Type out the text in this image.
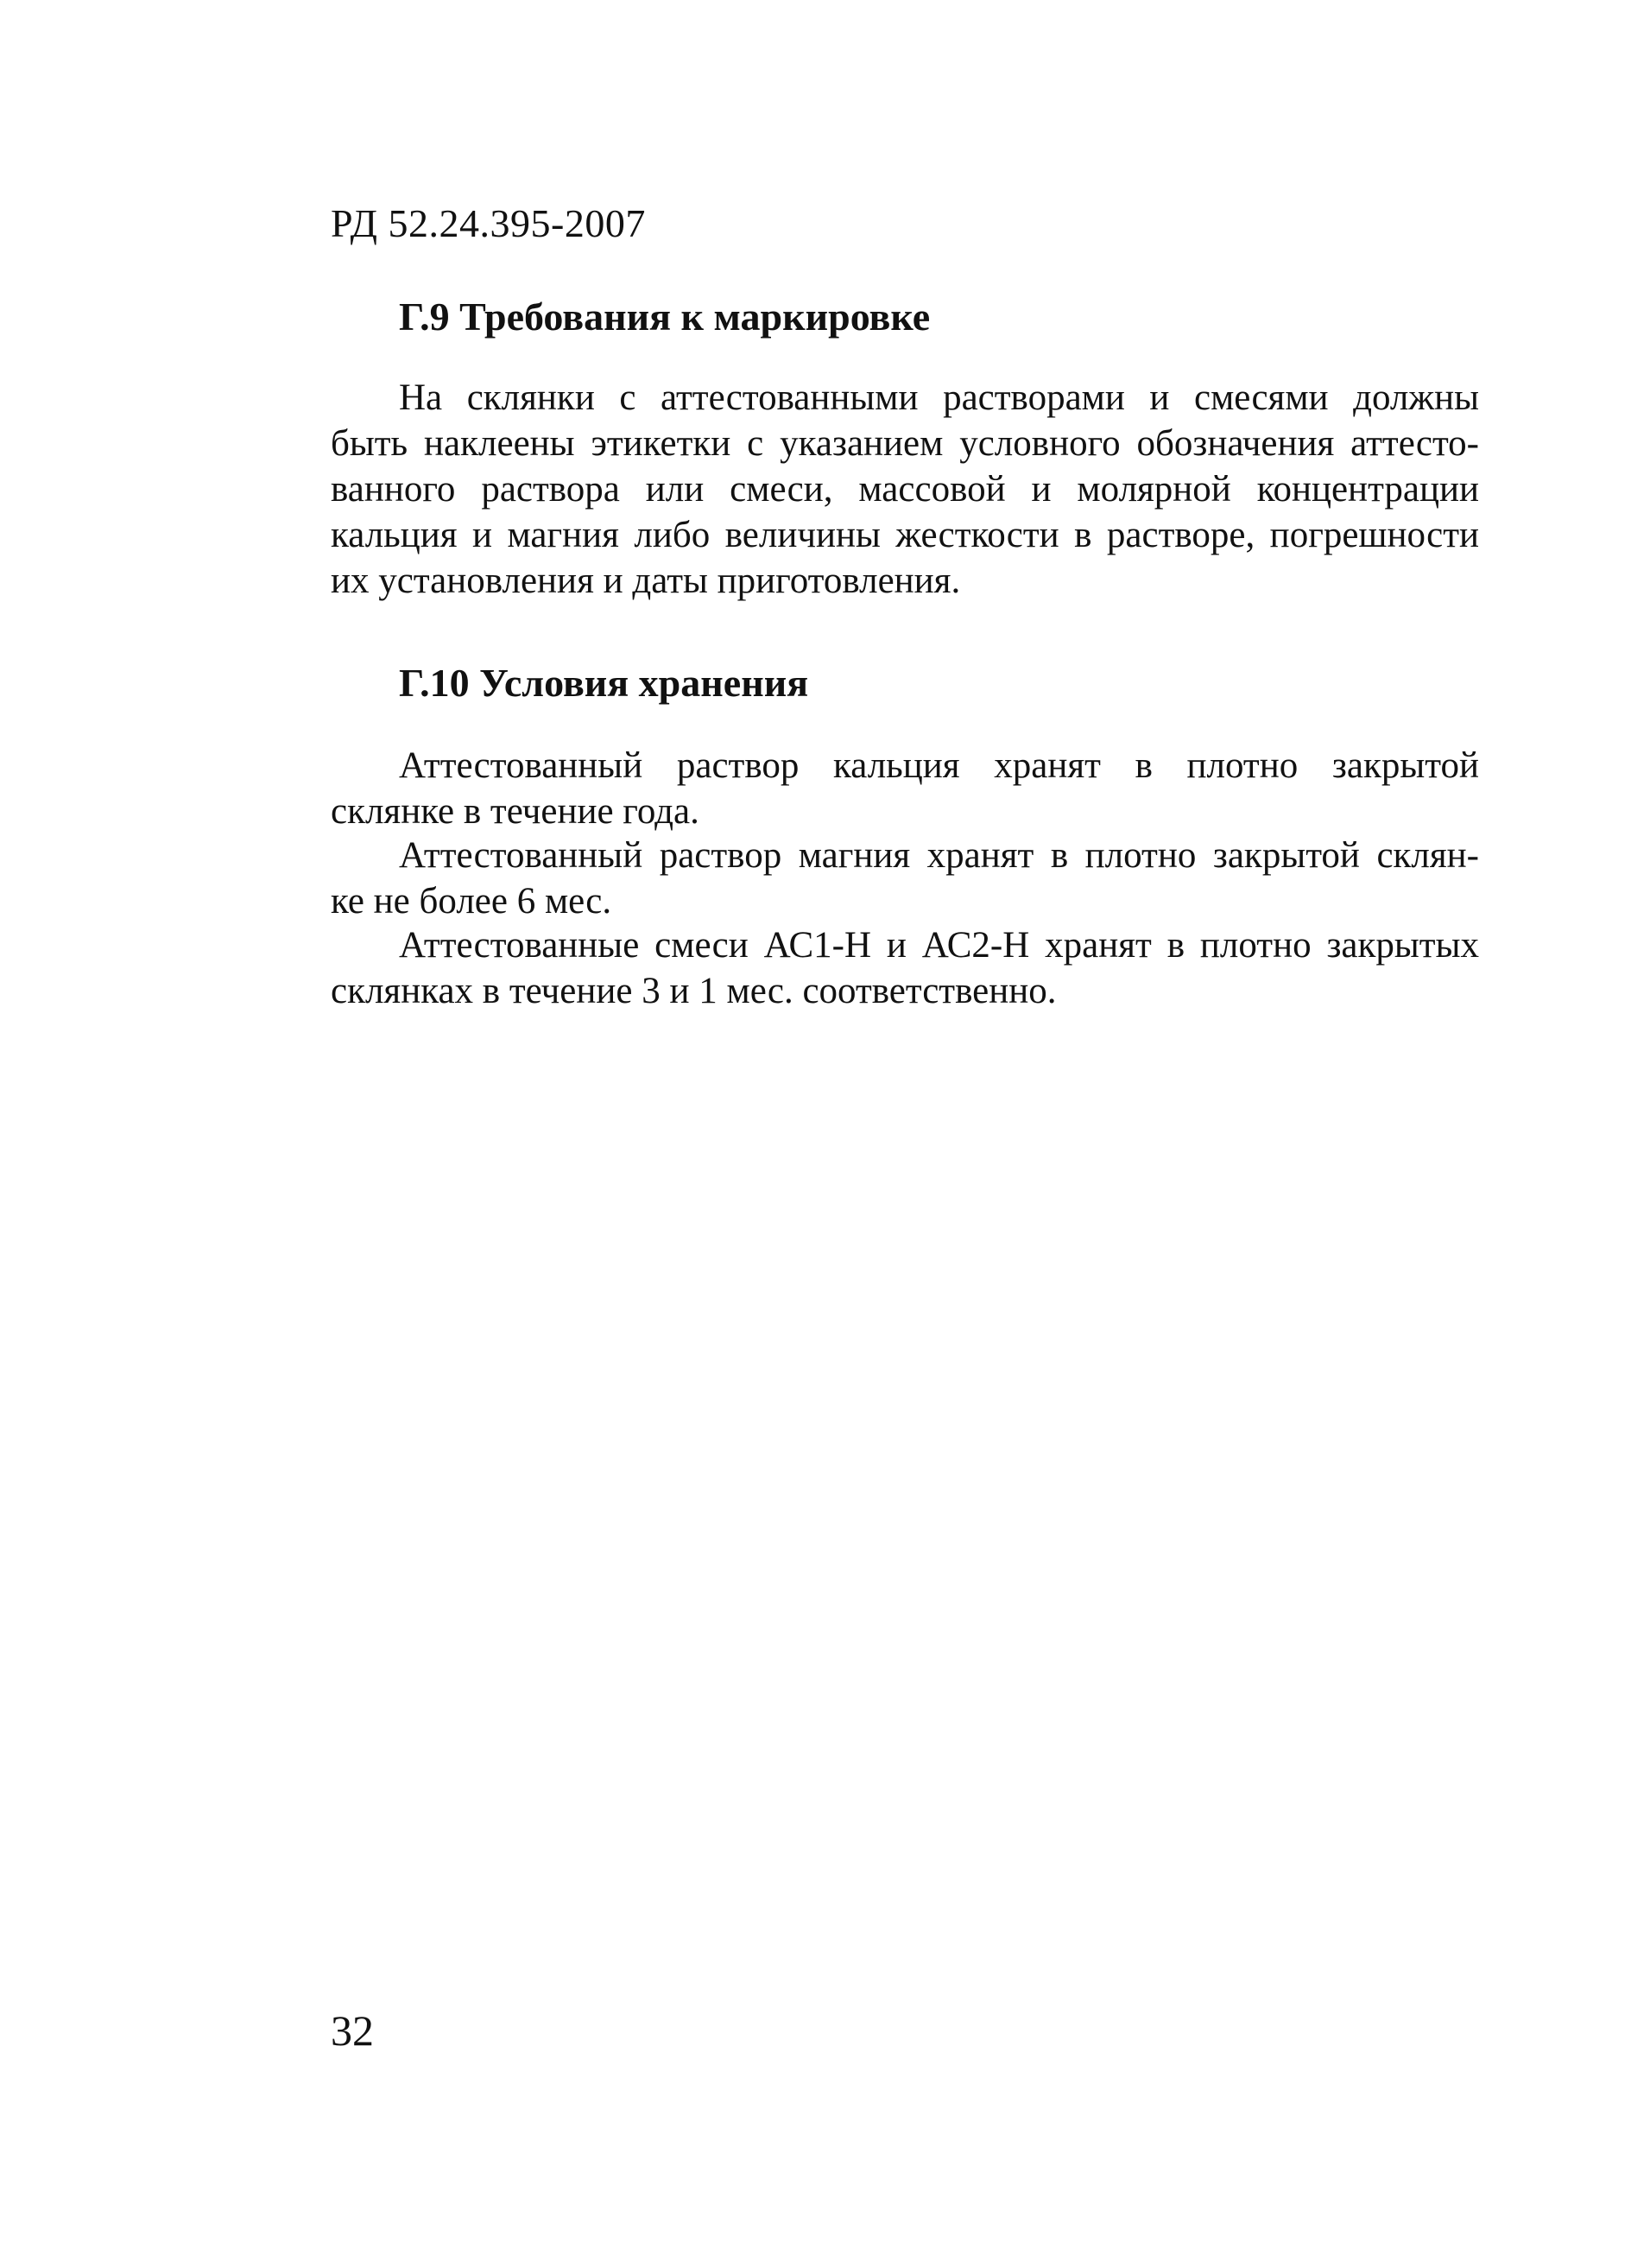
РД 52.24.395-2007
Г.9 Требования к маркировке
На склянки с аттестованными растворами и смесями должны
быть наклеены этикетки с указанием условного обозначения аттесто-
ванного раствора или смеси, массовой и молярной концентрации
кальция и магния либо величины жесткости в растворе, погрешности
их установления и даты приготовления.
Г.10 Условия хранения
Аттестованный раствор кальция хранят в плотно закрытой
склянке в течение года.
Аттестованный раствор магния хранят в плотно закрытой склян-
ке не более 6 мес.
Аттестованные смеси АС1-Н и АС2-Н хранят в плотно закрытых
склянках в течение 3 и 1 мес. соответственно.
32
